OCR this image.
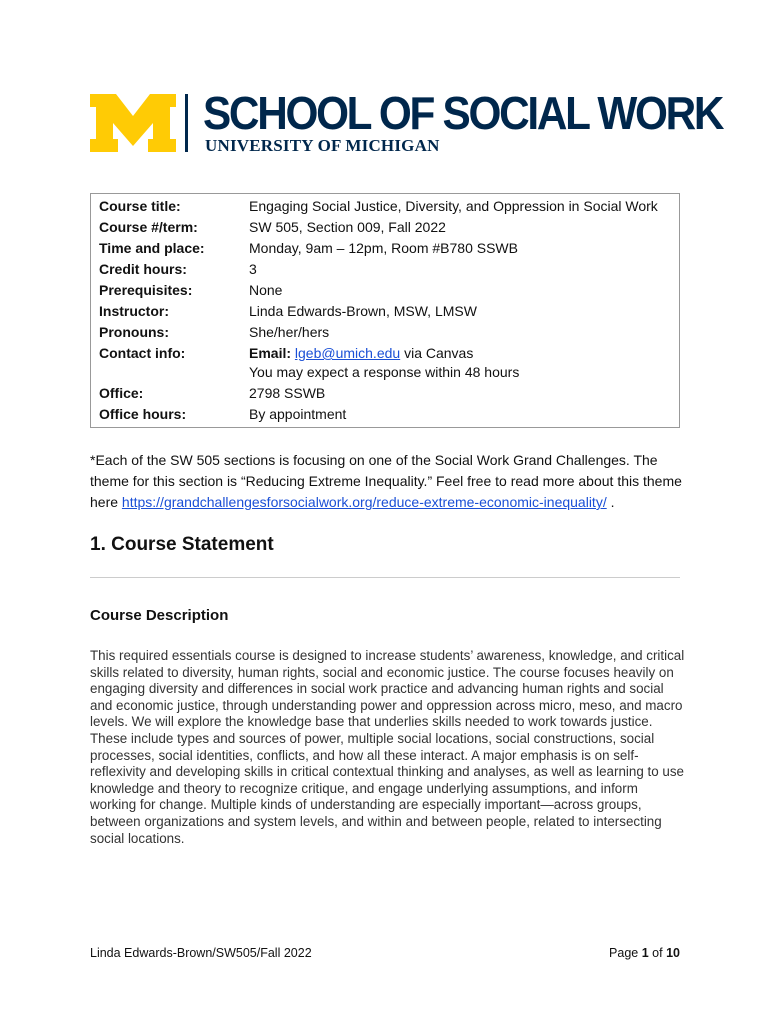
SCHOOL OF SOCIAL WORK
UNIVERSITY OF MICHIGAN
Course title:	Engaging Social Justice, Diversity, and Oppression in Social Work
Course #/term:	SW 505, Section 009, Fall 2022
Time and place:	Monday, 9am – 12pm, Room #B780 SSWB
Credit hours:	3
Prerequisites:	None
Instructor:	Linda Edwards-Brown, MSW, LMSW
Pronouns:	She/her/hers
Contact info:	Email: lgeb@umich.edu via Canvas
You may expect a response within 48 hours
Office:	2798 SSWB
Office hours:	By appointment
*Each of the SW 505 sections is focusing on one of the Social Work Grand Challenges. The theme for this section is “Reducing Extreme Inequality.” Feel free to read more about this theme here https://grandchallengesforsocialwork.org/reduce-extreme-economic-inequality/ .
1. Course Statement
Course Description
This required essentials course is designed to increase students’ awareness, knowledge, and critical skills related to diversity, human rights, social and economic justice. The course focuses heavily on engaging diversity and differences in social work practice and advancing human rights and social and economic justice, through understanding power and oppression across micro, meso, and macro levels. We will explore the knowledge base that underlies skills needed to work towards justice. These include types and sources of power, multiple social locations, social constructions, social processes, social identities, conflicts, and how all these interact. A major emphasis is on self-reflexivity and developing skills in critical contextual thinking and analyses, as well as learning to use knowledge and theory to recognize critique, and engage underlying assumptions, and inform working for change. Multiple kinds of understanding are especially important—across groups, between organizations and system levels, and within and between people, related to intersecting social locations.
Linda Edwards-Brown/SW505/Fall 2022	Page 1 of 10
